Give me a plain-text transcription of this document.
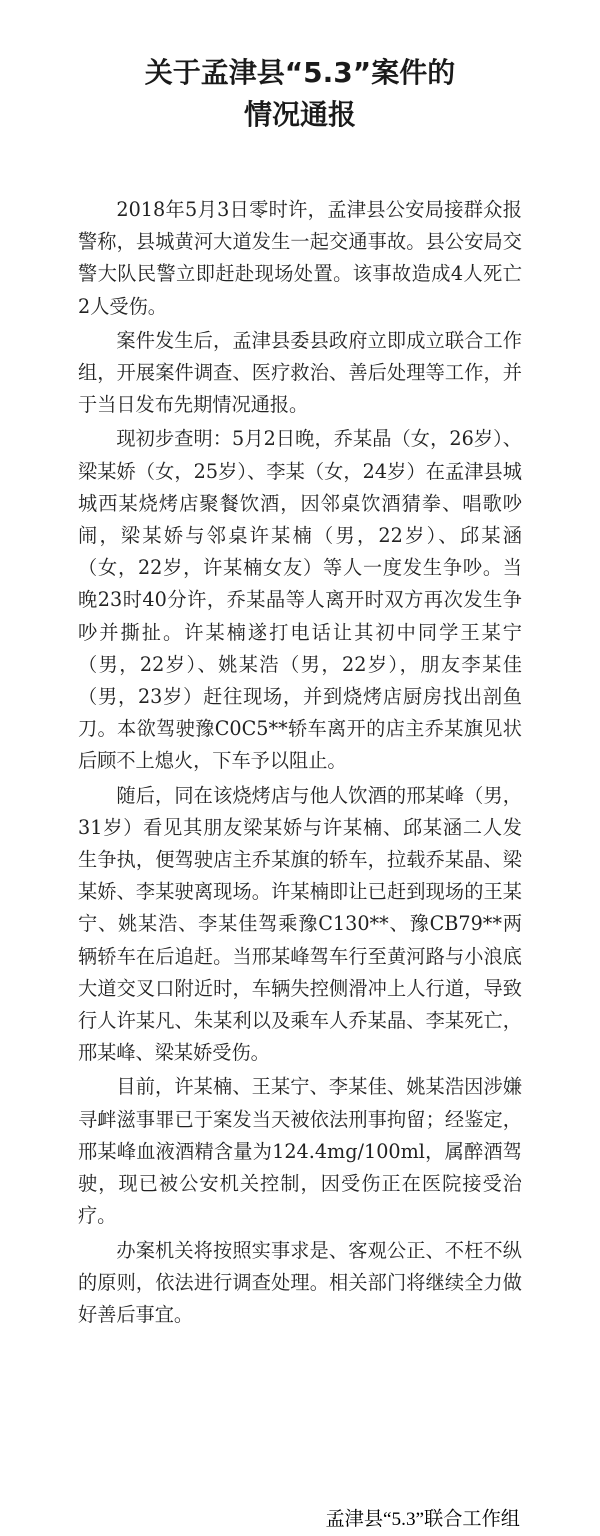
关于孟津县“5.3”案件的
情况通报

2018年5月3日零时许，孟津县公安局接群众报警称，县城黄河大道发生一起交通事故。县公安局交警大队民警立即赶赴现场处置。该事故造成4人死亡2人受伤。

案件发生后，孟津县委县政府立即成立联合工作组，开展案件调查、医疗救治、善后处理等工作，并于当日发布先期情况通报。

现初步查明：5月2日晚，乔某晶（女，26岁）、梁某娇（女，25岁）、李某（女，24岁）在孟津县城城西某烧烤店聚餐饮酒，因邻桌饮酒猜拳、唱歌吵闹，梁某娇与邻桌许某楠（男，22岁）、邱某涵（女，22岁，许某楠女友）等人一度发生争吵。当晚23时40分许，乔某晶等人离开时双方再次发生争吵并撕扯。许某楠遂打电话让其初中同学王某宁（男，22岁）、姚某浩（男，22岁），朋友李某佳（男，23岁）赶往现场，并到烧烤店厨房找出剖鱼刀。本欲驾驶豫C0C5**轿车离开的店主乔某旗见状后顾不上熄火，下车予以阻止。

随后，同在该烧烤店与他人饮酒的邢某峰（男，31岁）看见其朋友梁某娇与许某楠、邱某涵二人发生争执，便驾驶店主乔某旗的轿车，拉载乔某晶、梁某娇、李某驶离现场。许某楠即让已赶到现场的王某宁、姚某浩、李某佳驾乘豫C130**、豫CB79**两辆轿车在后追赶。当邢某峰驾车行至黄河路与小浪底大道交叉口附近时，车辆失控侧滑冲上人行道，导致行人许某凡、朱某利以及乘车人乔某晶、李某死亡，邢某峰、梁某娇受伤。

目前，许某楠、王某宁、李某佳、姚某浩因涉嫌寻衅滋事罪已于案发当天被依法刑事拘留；经鉴定，邢某峰血液酒精含量为124.4mg/100ml，属醉酒驾驶，现已被公安机关控制，因受伤正在医院接受治疗。

办案机关将按照实事求是、客观公正、不枉不纵的原则，依法进行调查处理。相关部门将继续全力做好善后事宜。

孟津县“5.3”联合工作组
